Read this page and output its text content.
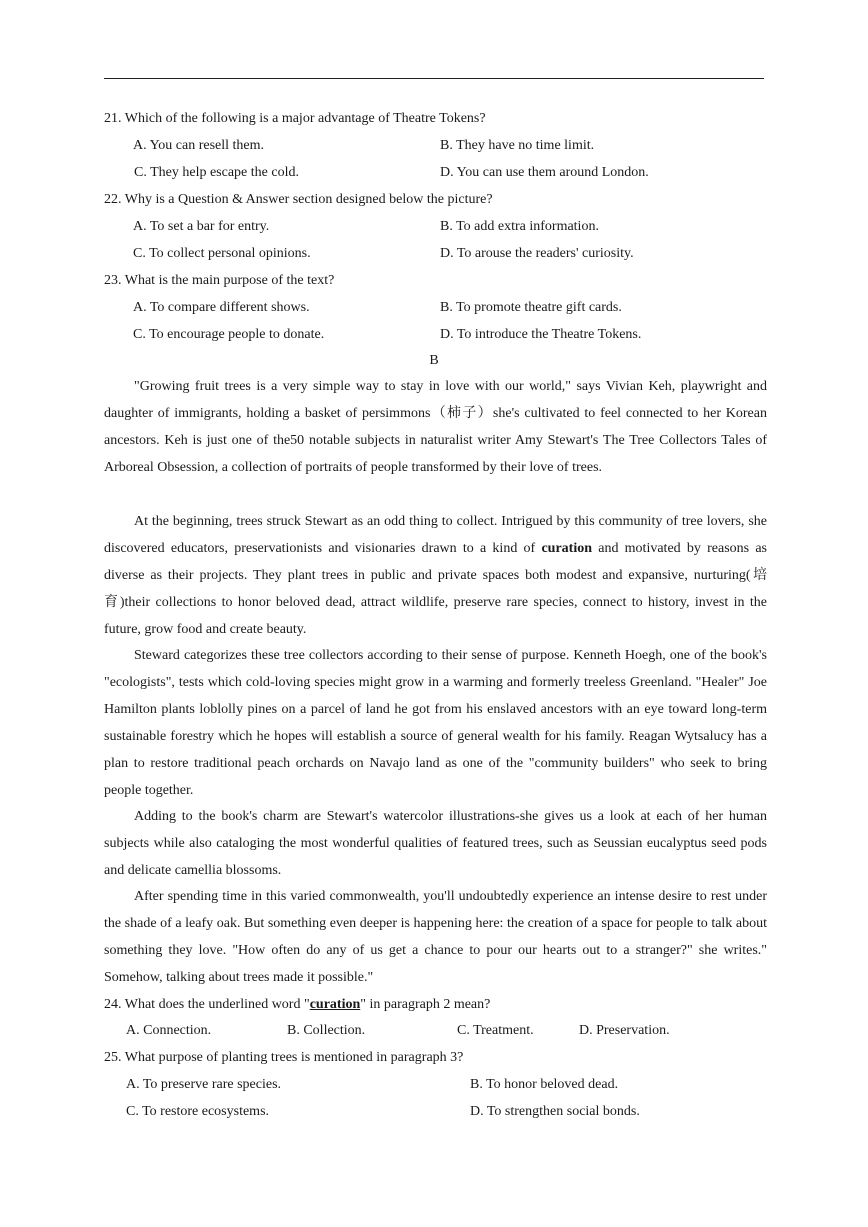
21. Which of the following is a major advantage of Theatre Tokens?
A. You can resell them.	B. They have no time limit.
C. They help escape the cold.	D. You can use them around London.
22. Why is a Question & Answer section designed below the picture?
A. To set a bar for entry.	B. To add extra information.
C. To collect personal opinions.	D. To arouse the readers' curiosity.
23. What is the main purpose of the text?
A. To compare different shows.	B. To promote theatre gift cards.
C. To encourage people to donate.	D. To introduce the Theatre Tokens.
B

"Growing fruit trees is a very simple way to stay in love with our world," says Vivian Keh, playwright and daughter of immigrants, holding a basket of persimmons（柿子）she's cultivated to feel connected to her Korean ancestors. Keh is just one of the50 notable subjects in naturalist writer Amy Stewart's The Tree Collectors Tales of Arboreal Obsession, a collection of portraits of people transformed by their love of trees.

At the beginning, trees struck Stewart as an odd thing to collect. Intrigued by this community of tree lovers, she discovered educators, preservationists and visionaries drawn to a kind of curation and motivated by reasons as diverse as their projects. They plant trees in public and private spaces both modest and expansive, nurturing(培育)their collections to honor beloved dead, attract wildlife, preserve rare species, connect to history, invest in the future, grow food and create beauty.

Steward categorizes these tree collectors according to their sense of purpose. Kenneth Hoegh, one of the book's "ecologists", tests which cold-loving species might grow in a warming and formerly treeless Greenland. "Healer" Joe Hamilton plants loblolly pines on a parcel of land he got from his enslaved ancestors with an eye toward long-term sustainable forestry which he hopes will establish a source of general wealth for his family. Reagan Wytsalucy has a plan to restore traditional peach orchards on Navajo land as one of the "community builders" who seek to bring people together.

Adding to the book's charm are Stewart's watercolor illustrations-she gives us a look at each of her human subjects while also cataloging the most wonderful qualities of featured trees, such as Seussian eucalyptus seed pods and delicate camellia blossoms.

After spending time in this varied commonwealth, you'll undoubtedly experience an intense desire to rest under the shade of a leafy oak. But something even deeper is happening here: the creation of a space for people to talk about something they love. "How often do any of us get a chance to pour our hearts out to a stranger?" she writes." Somehow, talking about trees made it possible."

24. What does the underlined word "curation" in paragraph 2 mean?
A. Connection.	B. Collection.	C. Treatment.	D. Preservation.
25. What purpose of planting trees is mentioned in paragraph 3?
A. To preserve rare species.	B. To honor beloved dead.
C. To restore ecosystems.	D. To strengthen social bonds.
